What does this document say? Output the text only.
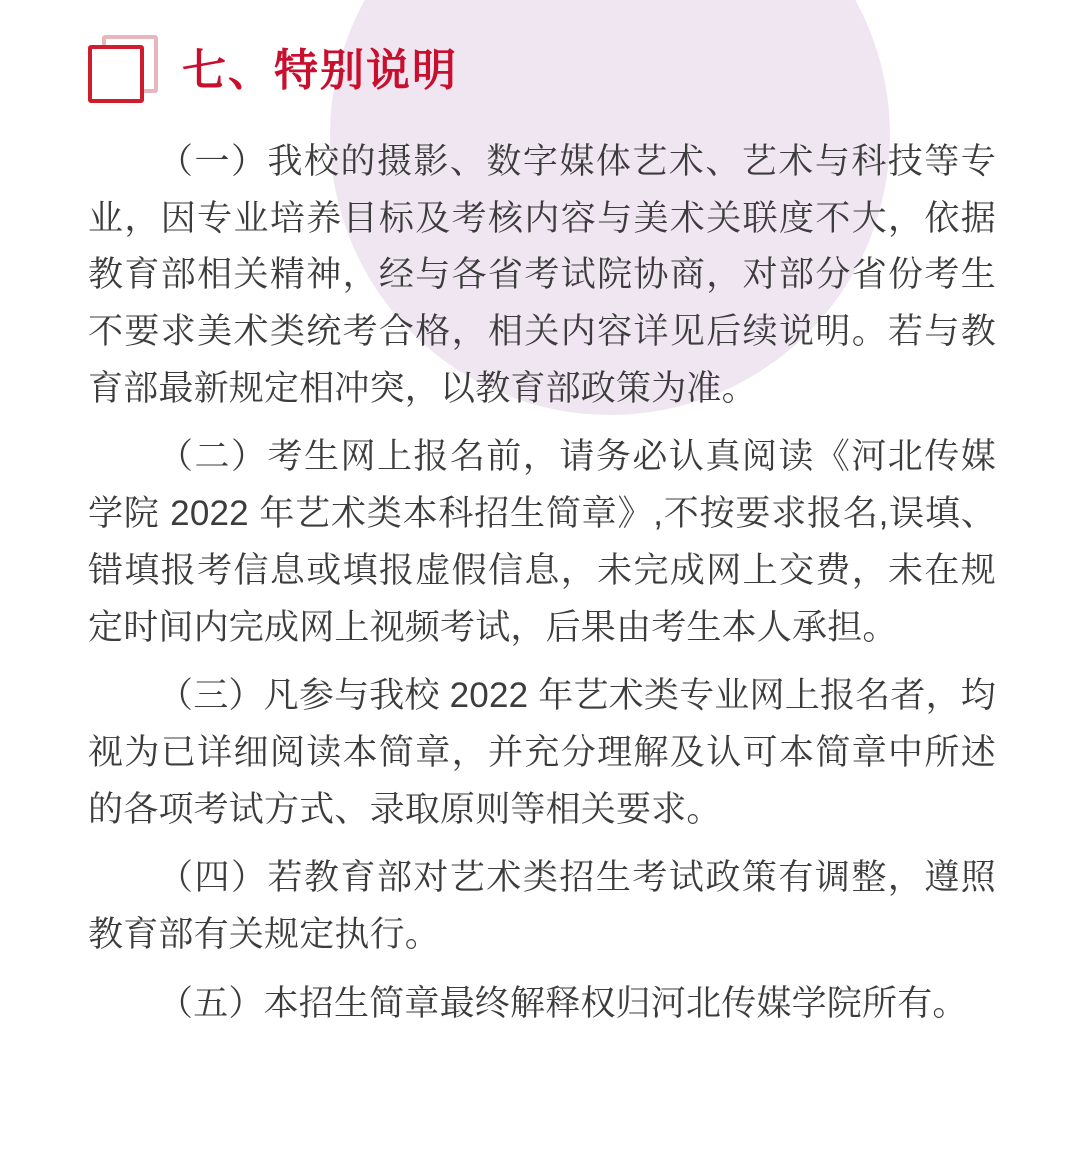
七、特别说明

（一）我校的摄影、数字媒体艺术、艺术与科技等专业，因专业培养目标及考核内容与美术关联度不大，依据教育部相关精神，经与各省考试院协商，对部分省份考生不要求美术类统考合格，相关内容详见后续说明。若与教育部最新规定相冲突，以教育部政策为准。

（二）考生网上报名前，请务必认真阅读《河北传媒学院 2022 年艺术类本科招生简章》,不按要求报名,误填、错填报考信息或填报虚假信息，未完成网上交费，未在规定时间内完成网上视频考试，后果由考生本人承担。

（三）凡参与我校 2022 年艺术类专业网上报名者，均视为已详细阅读本简章，并充分理解及认可本简章中所述的各项考试方式、录取原则等相关要求。

（四）若教育部对艺术类招生考试政策有调整，遵照教育部有关规定执行。

（五）本招生简章最终解释权归河北传媒学院所有。
